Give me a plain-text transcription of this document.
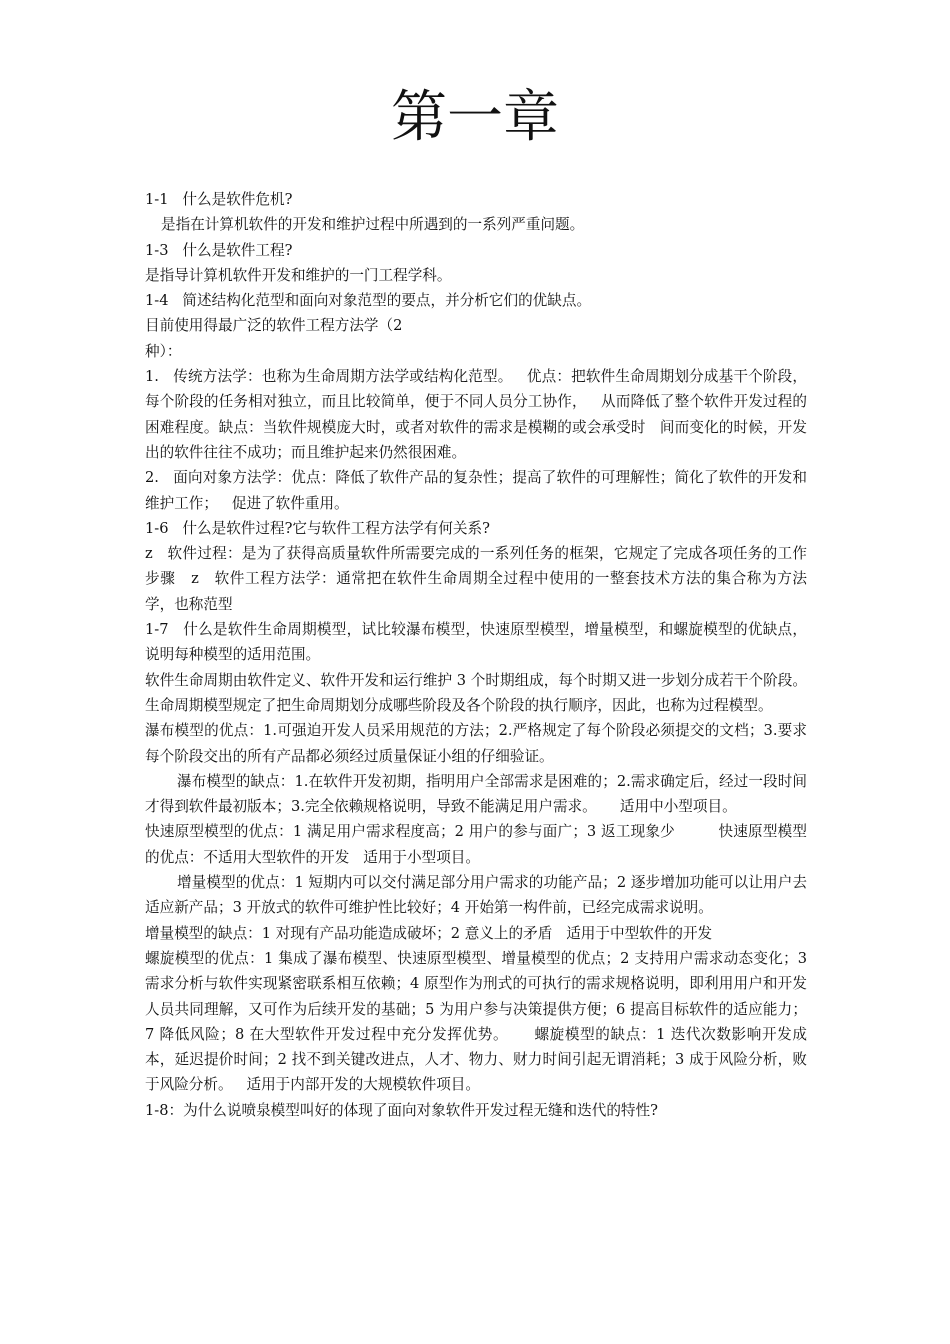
第一章

1-1   什么是软件危机?

是指在计算机软件的开发和维护过程中所遇到的一系列严重问题。

1-3   什么是软件工程?

是指导计算机软件开发和维护的一门工程学科。

1-4   简述结构化范型和面向对象范型的要点，并分析它们的优缺点。

目前使用得最广泛的软件工程方法学（2
种）：

1.   传统方法学：也称为生命周期方法学或结构化范型。   优点：把软件生命周期划分成基干个阶段，每个阶段的任务相对独立，而且比较简单，便于不同人员分工协作，   从而降低了整个软件开发过程的困难程度。缺点：当软件规模庞大时，或者对软件的需求是模糊的或会承受时   间而变化的时候，开发出的软件往往不成功；而且维护起来仍然很困难。

2.   面向对象方法学：优点：降低了软件产品的复杂性；提高了软件的可理解性；简化了软件的开发和维护工作；   促进了软件重用。

1-6   什么是软件过程?它与软件工程方法学有何关系?

z   软件过程：是为了获得高质量软件所需要完成的一系列任务的框架，它规定了完成各项任务的工作步骤   z   软件工程方法学：通常把在软件生命周期全过程中使用的一整套技术方法的集合称为方法学，也称范型

1-7   什么是软件生命周期模型，试比较瀑布模型，快速原型模型，增量模型，和螺旋模型的优缺点，说明每种模型的适用范围。

软件生命周期由软件定义、软件开发和运行维护 3 个时期组成，每个时期又进一步划分成若干个阶段。生命周期模型规定了把生命周期划分成哪些阶段及各个阶段的执行顺序，因此，也称为过程模型。

瀑布模型的优点：1.可强迫开发人员采用规范的方法；2.严格规定了每个阶段必须提交的文档；3.要求每个阶段交出的所有产品都必须经过质量保证小组的仔细验证。

瀑布模型的缺点：1.在软件开发初期，指明用户全部需求是困难的；2.需求确定后，经过一段时间才得到软件最初版本；3.完全依赖规格说明，导致不能满足用户需求。     适用中小型项目。

快速原型模型的优点：1 满足用户需求程度高；2 用户的参与面广；3 返工现象少         快速原型模型的优点：不适用大型软件的开发   适用于小型项目。

增量模型的优点：1 短期内可以交付满足部分用户需求的功能产品；2 逐步增加功能可以让用户去适应新产品；3 开放式的软件可维护性比较好；4 开始第一构件前，已经完成需求说明。

增量模型的缺点：1 对现有产品功能造成破坏；2 意义上的矛盾   适用于中型软件的开发

螺旋模型的优点：1 集成了瀑布模型、快速原型模型、增量模型的优点；2 支持用户需求动态变化；3 需求分析与软件实现紧密联系相互依赖；4 原型作为刑式的可执行的需求规格说明，即利用用户和开发人员共同理解，又可作为后续开发的基础；5 为用户参与决策提供方便；6 提高目标软件的适应能力；7 降低风险；8 在大型软件开发过程中充分发挥优势。     螺旋模型的缺点：1 迭代次数影响开发成本，延迟提价时间；2 找不到关键改进点，人才、物力、财力时间引起无谓消耗；3 成于风险分析，败于风险分析。   适用于内部开发的大规模软件项目。

1-8：为什么说喷泉模型叫好的体现了面向对象软件开发过程无缝和迭代的特性?
